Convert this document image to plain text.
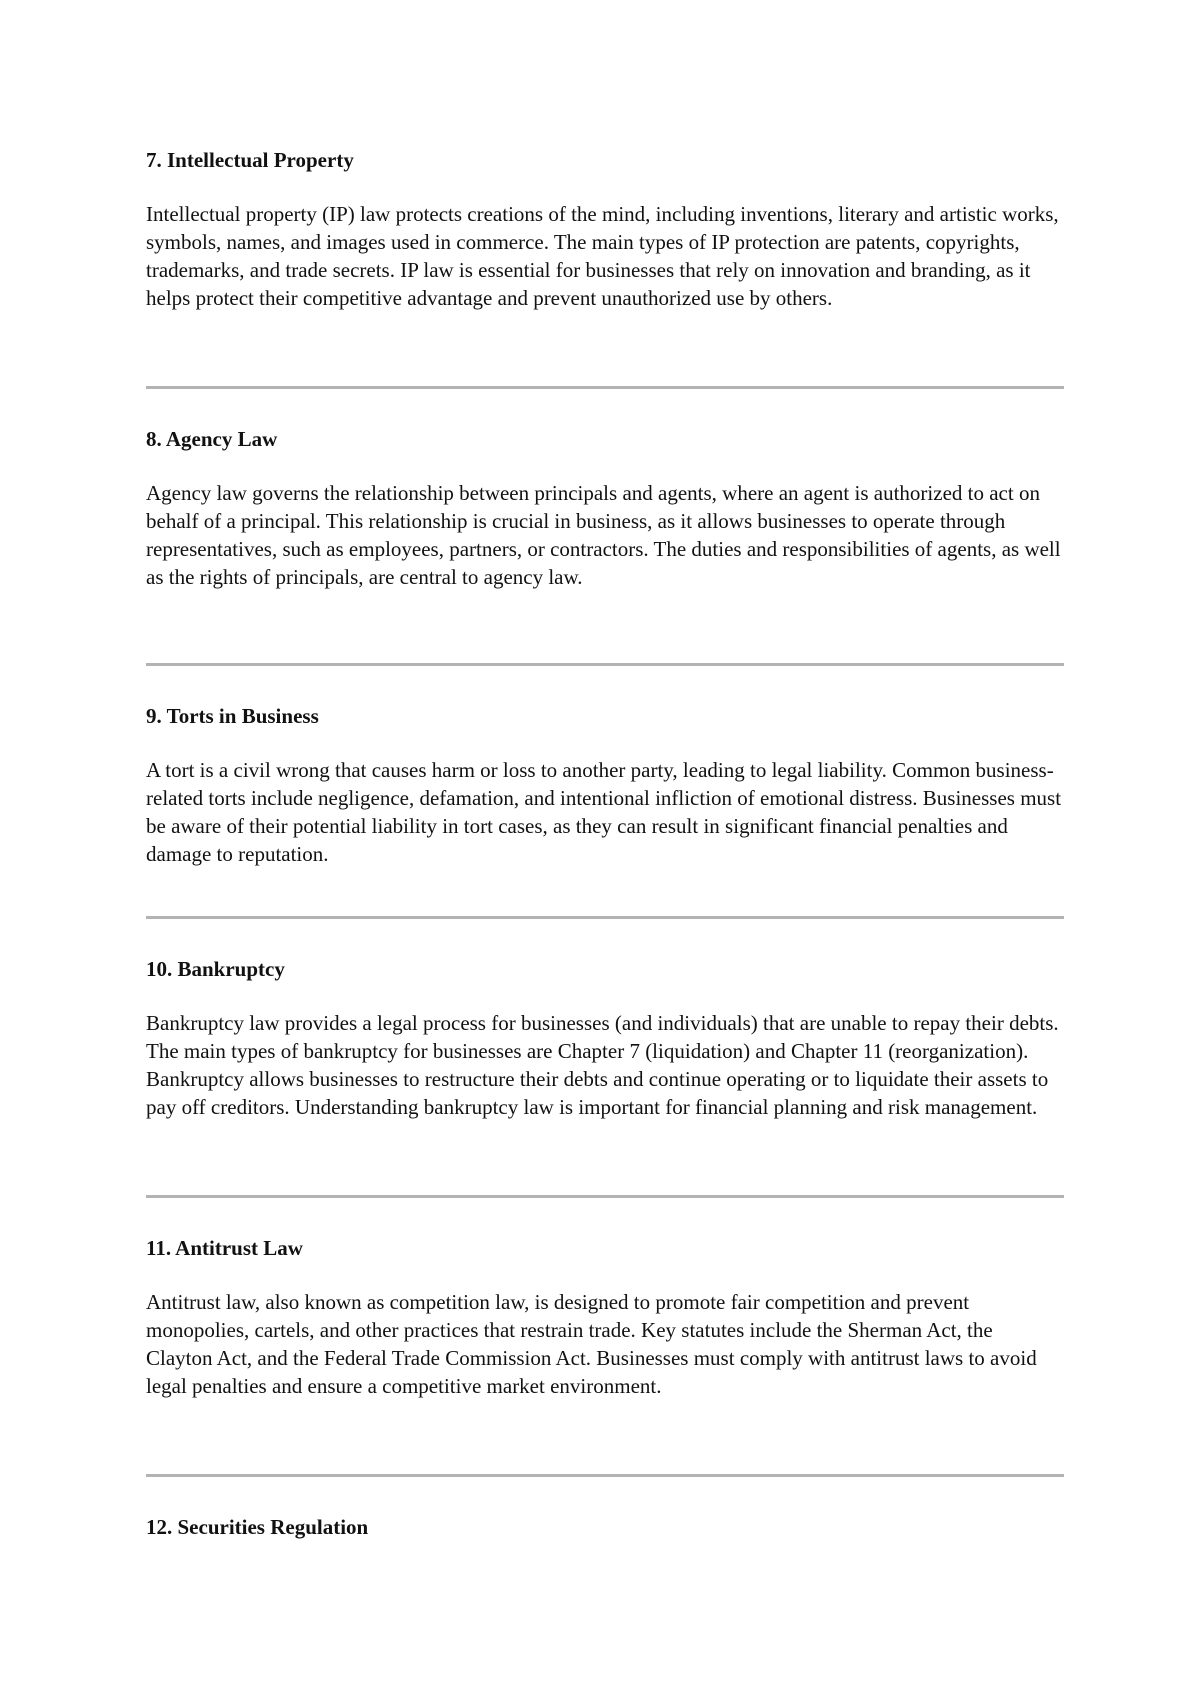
7. Intellectual Property

Intellectual property (IP) law protects creations of the mind, including inventions, literary and artistic works, symbols, names, and images used in commerce. The main types of IP protection are patents, copyrights, trademarks, and trade secrets. IP law is essential for businesses that rely on innovation and branding, as it helps protect their competitive advantage and prevent unauthorized use by others.

8. Agency Law

Agency law governs the relationship between principals and agents, where an agent is authorized to act on behalf of a principal. This relationship is crucial in business, as it allows businesses to operate through representatives, such as employees, partners, or contractors. The duties and responsibilities of agents, as well as the rights of principals, are central to agency law.

9. Torts in Business

A tort is a civil wrong that causes harm or loss to another party, leading to legal liability. Common business-related torts include negligence, defamation, and intentional infliction of emotional distress. Businesses must be aware of their potential liability in tort cases, as they can result in significant financial penalties and damage to reputation.

10. Bankruptcy

Bankruptcy law provides a legal process for businesses (and individuals) that are unable to repay their debts. The main types of bankruptcy for businesses are Chapter 7 (liquidation) and Chapter 11 (reorganization). Bankruptcy allows businesses to restructure their debts and continue operating or to liquidate their assets to pay off creditors. Understanding bankruptcy law is important for financial planning and risk management.

11. Antitrust Law

Antitrust law, also known as competition law, is designed to promote fair competition and prevent monopolies, cartels, and other practices that restrain trade. Key statutes include the Sherman Act, the Clayton Act, and the Federal Trade Commission Act. Businesses must comply with antitrust laws to avoid legal penalties and ensure a competitive market environment.

12. Securities Regulation
